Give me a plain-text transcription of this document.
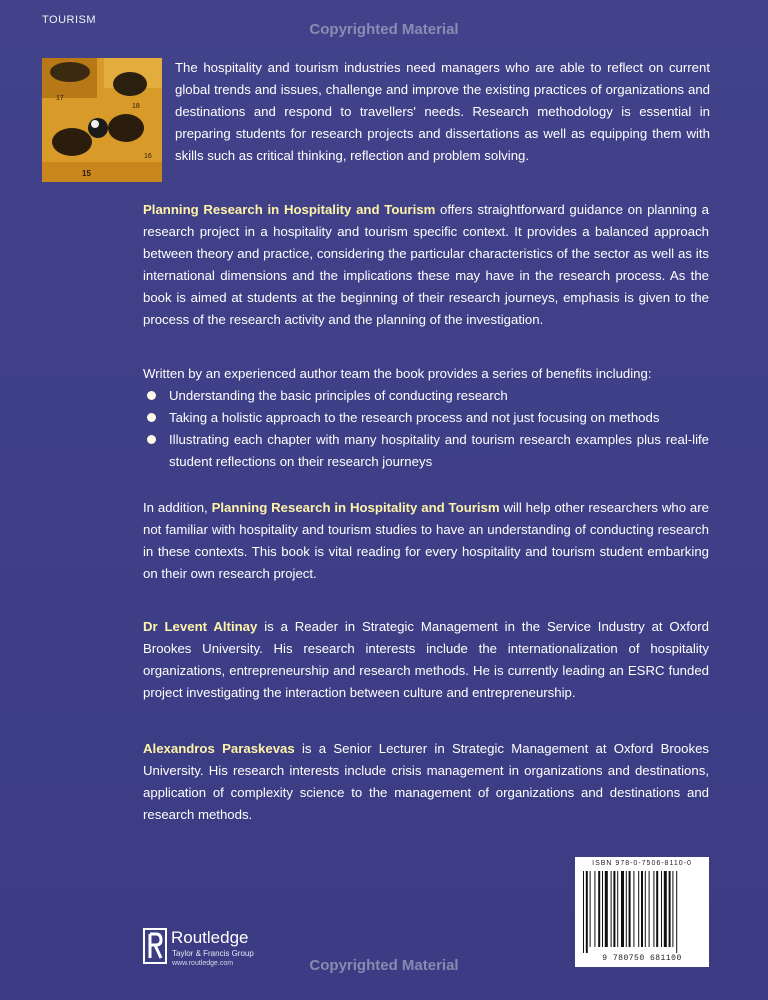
TOURISM
Copyrighted Material
17
18
15
16
The hospitality and tourism industries need managers who are able to reflect on current global trends and issues, challenge and improve the existing practices of organizations and destinations and respond to travellers' needs. Research methodology is essential in preparing students for research projects and dissertations as well as equipping them with skills such as critical thinking, reflection and problem solving.
Planning Research in Hospitality and Tourism offers straightforward guidance on planning a research project in a hospitality and tourism specific context. It provides a balanced approach between theory and practice, considering the particular characteristics of the sector as well as its international dimensions and the implications these may have in the research process. As the book is aimed at students at the beginning of their research journeys, emphasis is given to the process of the research activity and the planning of the investigation.
Written by an experienced author team the book provides a series of benefits including:
Understanding the basic principles of conducting research
Taking a holistic approach to the research process and not just focusing on methods
Illustrating each chapter with many hospitality and tourism research examples plus real-life student reflections on their research journeys
In addition, Planning Research in Hospitality and Tourism will help other researchers who are not familiar with hospitality and tourism studies to have an understanding of conducting research in these contexts. This book is vital reading for every hospitality and tourism student embarking on their own research project.
Dr Levent Altinay is a Reader in Strategic Management in the Service Industry at Oxford Brookes University. His research interests include the internationalization of hospitality organizations, entrepreneurship and research methods. He is currently leading an ESRC funded project investigating the interaction between culture and entrepreneurship.
Alexandros Paraskevas is a Senior Lecturer in Strategic Management at Oxford Brookes University. His research interests include crisis management in organizations and destinations, application of complexity science to the management of organizations and destinations and research methods.
Routledge
Taylor & Francis Group
www.routledge.com	Copyrighted Material
ISBN 978-0-7506-8110-0
9 780750 681100
